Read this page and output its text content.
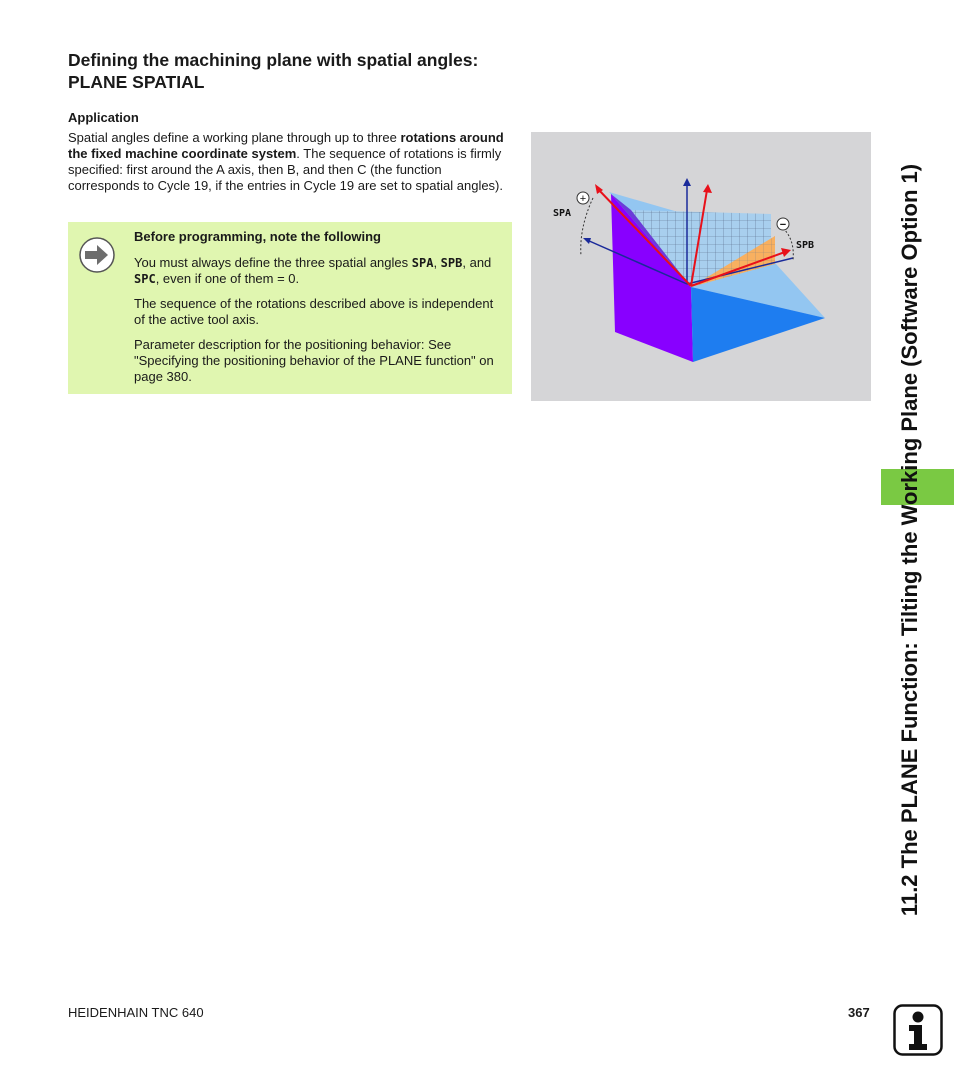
Defining the machining plane with spatial angles: PLANE SPATIAL
Application

Spatial angles define a working plane through up to three rotations around the fixed machine coordinate system. The sequence of rotations is firmly specified: first around the A axis, then B, and then C (the function corresponds to Cycle 19, if the entries in Cycle 19 are set to spatial angles).

Before programming, note the following

You must always define the three spatial angles SPA, SPB, and SPC, even if one of them = 0.

The sequence of the rotations described above is independent of the active tool axis.

Parameter description for the positioning behavior: See "Specifying the positioning behavior of the PLANE function" on page 380.

+
−
SPA
SPB	11.2 The PLANE Function: Tilting the Working Plane (Software Option 1)

HEIDENHAIN TNC 640	367
